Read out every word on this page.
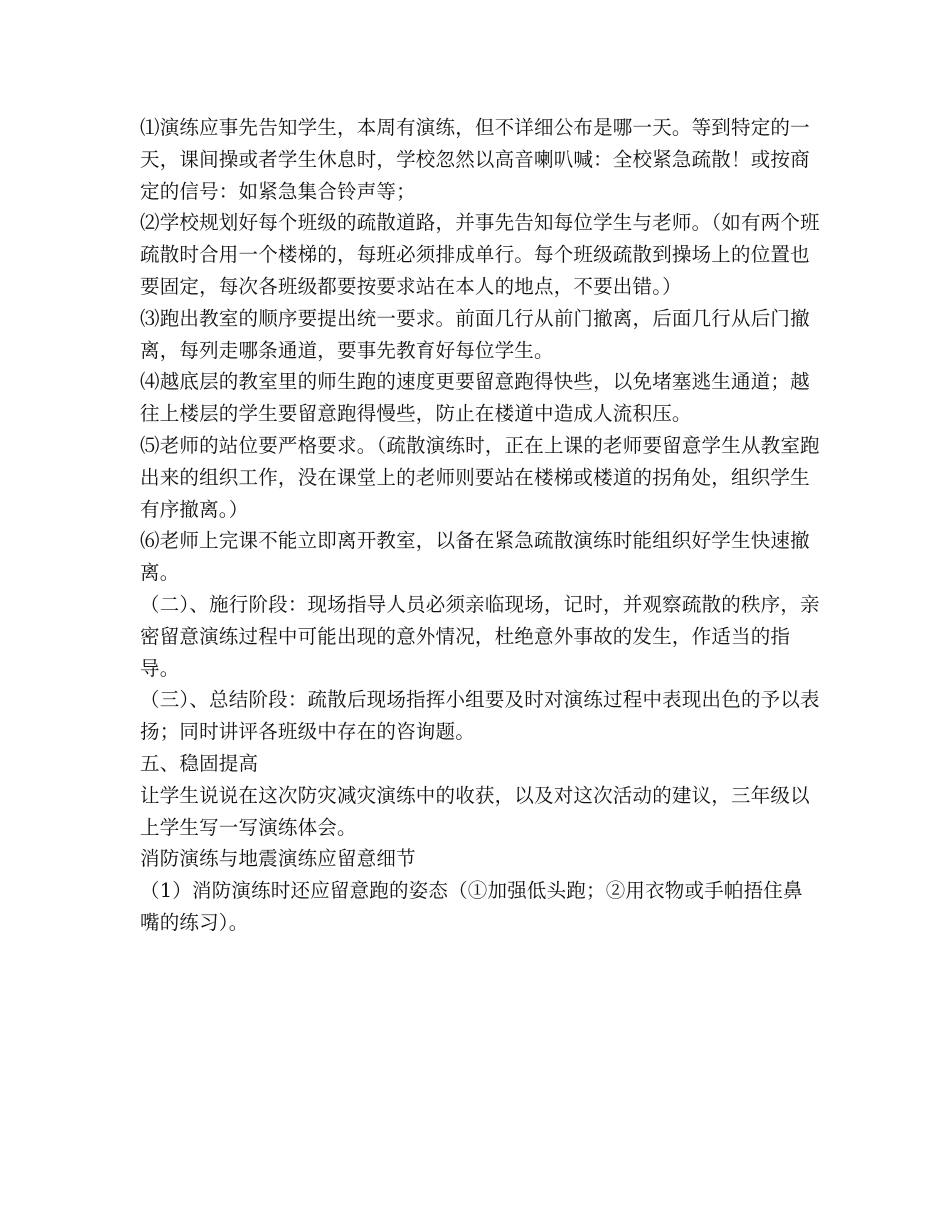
⑴演练应事先告知学生，本周有演练，但不详细公布是哪一天。等到特定的一天，课间操或者学生休息时，学校忽然以高音喇叭喊：全校紧急疏散！或按商定的信号：如紧急集合铃声等；

⑵学校规划好每个班级的疏散道路，并事先告知每位学生与老师。（如有两个班疏散时合用一个楼梯的，每班必须排成单行。每个班级疏散到操场上的位置也要固定，每次各班级都要按要求站在本人的地点，不要出错。）

⑶跑出教室的顺序要提出统一要求。前面几行从前门撤离，后面几行从后门撤离，每列走哪条通道，要事先教育好每位学生。

⑷越底层的教室里的师生跑的速度更要留意跑得快些，以免堵塞逃生通道；越往上楼层的学生要留意跑得慢些，防止在楼道中造成人流积压。

⑸老师的站位要严格要求。（疏散演练时，正在上课的老师要留意学生从教室跑出来的组织工作，没在课堂上的老师则要站在楼梯或楼道的拐角处，组织学生有序撤离。）

⑹老师上完课不能立即离开教室，以备在紧急疏散演练时能组织好学生快速撤离。

（二）、施行阶段：现场指导人员必须亲临现场，记时，并观察疏散的秩序，亲密留意演练过程中可能出现的意外情况，杜绝意外事故的发生，作适当的指导。

（三）、总结阶段：疏散后现场指挥小组要及时对演练过程中表现出色的予以表扬；同时讲评各班级中存在的咨询题。

五、稳固提高

让学生说说在这次防灾减灾演练中的收获，以及对这次活动的建议，三年级以上学生写一写演练体会。

消防演练与地震演练应留意细节

（1）消防演练时还应留意跑的姿态（①加强低头跑；②用衣物或手帕捂住鼻嘴的练习）。
